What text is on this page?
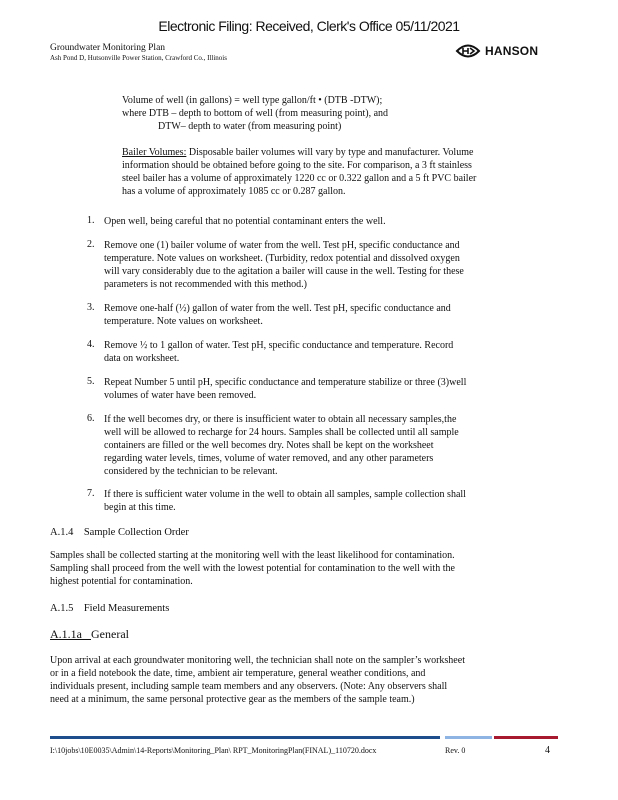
Electronic Filing: Received, Clerk's Office 05/11/2021
Groundwater Monitoring Plan
Ash Pond D, Hutsonville Power Station, Crawford Co., Illinois	HANSON
Volume of well (in gallons) = well type gallon/ft • (DTB -DTW);
where DTB – depth to bottom of well (from measuring point), and
DTW– depth to water (from measuring point)
Bailer Volumes: Disposable bailer volumes will vary by type and manufacturer. Volume
information should be obtained before going to the site. For comparison, a 3 ft stainless
steel bailer has a volume of approximately 1220 cc or 0.322 gallon and a 5 ft PVC bailer
has a volume of approximately 1085 cc or 0.287 gallon.
1. Open well, being careful that no potential contaminant enters the well.
2. Remove one (1) bailer volume of water from the well. Test pH, specific conductance and
temperature. Note values on worksheet. (Turbidity, redox potential and dissolved oxygen
will vary considerably due to the agitation a bailer will cause in the well. Testing for these
parameters is not recommended with this method.)
3. Remove one-half (½) gallon of water from the well. Test pH, specific conductance and
temperature. Note values on worksheet.
4. Remove ½ to 1 gallon of water. Test pH, specific conductance and temperature. Record
data on worksheet.
5. Repeat Number 5 until pH, specific conductance and temperature stabilize or three (3)well
volumes of water have been removed.
6. If the well becomes dry, or there is insufficient water to obtain all necessary samples,the
well will be allowed to recharge for 24 hours. Samples shall be collected until all sample
containers are filled or the well becomes dry. Notes shall be kept on the worksheet
regarding water levels, times, volume of water removed, and any other parameters
considered by the technician to be relevant.
7. If there is sufficient water volume in the well to obtain all samples, sample collection shall
begin at this time.
A.1.4 Sample Collection Order
Samples shall be collected starting at the monitoring well with the least likelihood for contamination.
Sampling shall proceed from the well with the lowest potential for contamination to the well with the
highest potential for contamination.
A.1.5 Field Measurements
A.1.1a General
Upon arrival at each groundwater monitoring well, the technician shall note on the sampler’s worksheet
or in a field notebook the date, time, ambient air temperature, general weather conditions, and
individuals present, including sample team members and any observers. (Note: Any observers shall
need at a minimum, the same personal protective gear as the members of the sample team.)
I:\10jobs\10E0035\Admin\14-Reports\Monitoring_Plan\ RPT_MonitoringPlan(FINAL)_110720.docx	Rev. 0	4
